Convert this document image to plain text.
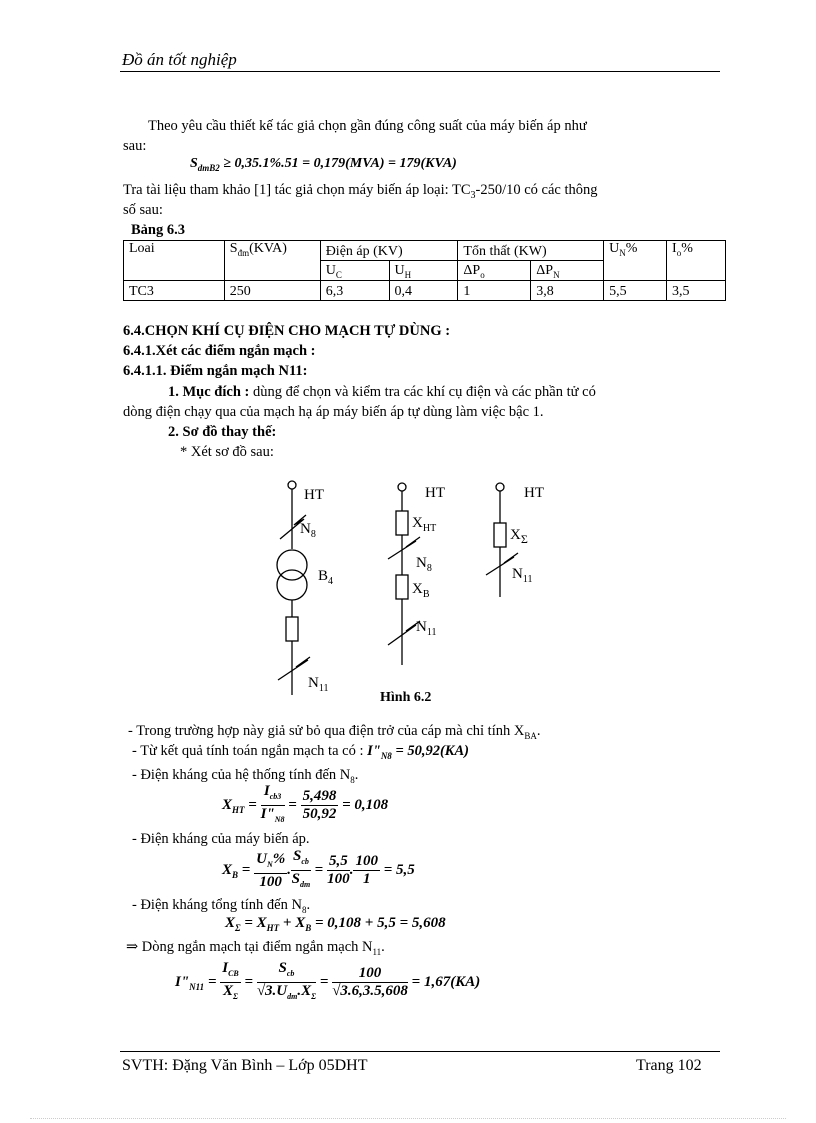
Đồ án tốt nghiệp
Theo yêu cầu thiết kế tác giả chọn gần đúng công suất của máy biến áp như
sau:
$S_{dmB2} \ge 0,35.1\%.51 = 0,179(MVA) = 179(KVA)$
Tra tài liệu tham khảo [1] tác giả chọn máy biến áp loại: $TC_3-250/10$ có các thông
số sau:
Bảng 6.3
Loai	$S_{đm}(KVA)$	Điện áp (KV)		Tổn thất (KW)		$U_N\%$	$I_o\%$
		$U_C$	$U_H$	$\Delta P_o$	$\Delta P_N$
TC3	250	6,3	0,4	1	3,8	5,5	3,5
6.4.CHỌN KHÍ CỤ ĐIỆN CHO MẠCH TỰ DÙNG :
6.4.1.Xét các điểm ngắn mạch :
6.4.1.1. Điểm ngắn mạch N11:
1. Mục đích : dùng để chọn và kiểm tra các khí cụ điện và các phần tử có
dòng điện chạy qua của mạch hạ áp máy biến áp tự dùng làm việc bậc 1.
2. Sơ đồ thay thế:
* Xét sơ đồ sau:
HT
$N_8$
$B_4$
$N_{11}$
HT
$X_{HT}$
$N_8$
$X_B$
$N_{11}$
HT
$X_\Sigma$
$N_{11}$
Hình 6.2
- Trong trường hợp này giả sử bỏ qua điện trở của cáp mà chỉ tính $X_{BA}$.
- Từ kết quả tính toán ngắn mạch ta có : $I"_{N8} = 50,92(KA)$
- Điện kháng của hệ thống tính đến $N_8$.
$X_{HT} = \frac{I_{cb3}}{I"_{N8}} = \frac{5,498}{50,92} = 0,108$
- Điện kháng của máy biến áp.
$X_B = \frac{U_N\%}{100}$ . $\frac{S_{cb}}{S_{dm}} = \frac{5,5}{100}$ . $\frac{100}{1} = 5,5$
- Điện kháng tổng tính đến $N_8$.
$X_\Sigma = X_{HT} + X_B = 0,108 + 5,5 = 5,608$
⇒ Dòng ngắn mạch tại điểm ngắn mạch $N_{11}$.
$I"_{N11} = \frac{I_{CB}}{X_\Sigma} = \frac{S_{cb}}{√3.U_{dm}.X_\Sigma} = \frac{100}{√3.6,3.5,608} = 1,67(KA)$
SVTH: Đặng Văn Bình – Lớp 05DHT	Trang 102
